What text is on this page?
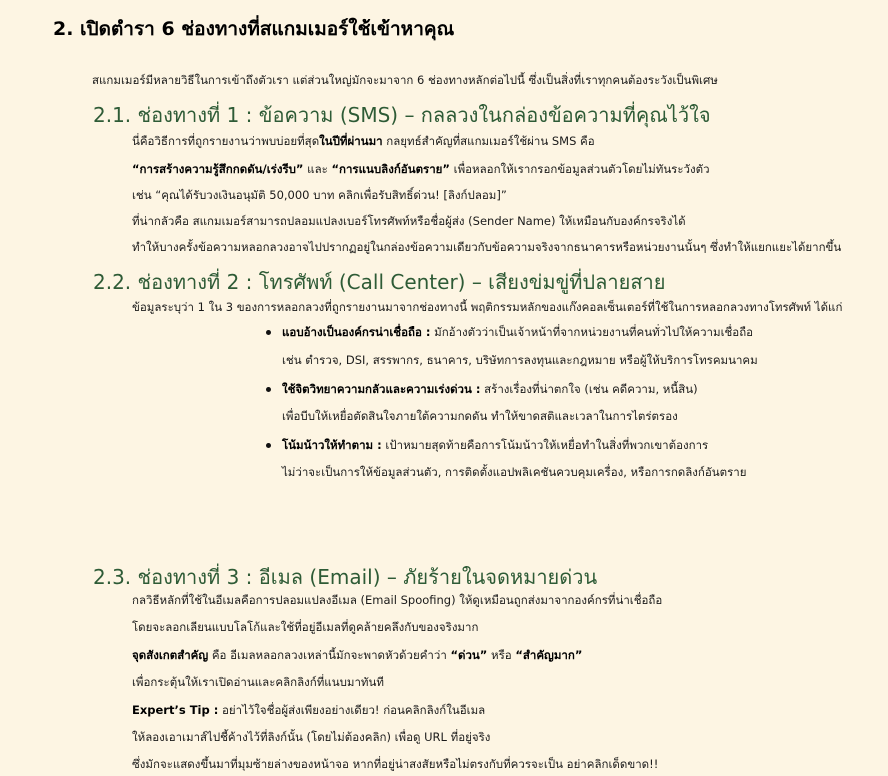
2. เปิดตำรา 6 ช่องทางที่สแกมเมอร์ใช้เข้าหาคุณ
สแกมเมอร์มีหลายวิธีในการเข้าถึงตัวเรา แต่ส่วนใหญ่มักจะมาจาก 6 ช่องทางหลักต่อไปนี้ ซึ่งเป็นสิ่งที่เราทุกคนต้องระวังเป็นพิเศษ
2.1. ช่องทางที่ 1 : ข้อความ (SMS) – กลลวงในกล่องข้อความที่คุณไว้ใจ
นี่คือวิธีการที่ถูกรายงานว่าพบบ่อยที่สุดในปีที่ผ่านมา กลยุทธ์สำคัญที่สแกมเมอร์ใช้ผ่าน SMS คือ
“การสร้างความรู้สึกกดดัน/เร่งรีบ” และ “การแนบลิงก์อันตราย” เพื่อหลอกให้เรากรอกข้อมูลส่วนตัวโดยไม่ทันระวังตัว
เช่น “คุณได้รับวงเงินอนุมัติ 50,000 บาท คลิกเพื่อรับสิทธิ์ด่วน! [ลิงก์ปลอม]”
ที่น่ากลัวคือ สแกมเมอร์สามารถปลอมแปลงเบอร์โทรศัพท์หรือชื่อผู้ส่ง (Sender Name) ให้เหมือนกับองค์กรจริงได้
ทำให้บางครั้งข้อความหลอกลวงอาจไปปรากฏอยู่ในกล่องข้อความเดียวกับข้อความจริงจากธนาคารหรือหน่วยงานนั้นๆ ซึ่งทำให้แยกแยะได้ยากขึ้น
2.2. ช่องทางที่ 2 : โทรศัพท์ (Call Center) – เสียงข่มขู่ที่ปลายสาย
ข้อมูลระบุว่า 1 ใน 3 ของการหลอกลวงที่ถูกรายงานมาจากช่องทางนี้ พฤติกรรมหลักของแก๊งคอลเซ็นเตอร์ที่ใช้ในการหลอกลวงทางโทรศัพท์ ได้แก่
แอบอ้างเป็นองค์กรน่าเชื่อถือ : มักอ้างตัวว่าเป็นเจ้าหน้าที่จากหน่วยงานที่คนทั่วไปให้ความเชื่อถือ
เช่น ตำรวจ, DSI, สรรพากร, ธนาคาร, บริษัทการลงทุนและกฎหมาย หรือผู้ให้บริการโทรคมนาคม
ใช้จิตวิทยาความกลัวและความเร่งด่วน : สร้างเรื่องที่น่าตกใจ (เช่น คดีความ, หนี้สิน)
เพื่อบีบให้เหยื่อตัดสินใจภายใต้ความกดดัน ทำให้ขาดสติและเวลาในการไตร่ตรอง
โน้มน้าวให้ทำตาม : เป้าหมายสุดท้ายคือการโน้มน้าวให้เหยื่อทำในสิ่งที่พวกเขาต้องการ
ไม่ว่าจะเป็นการให้ข้อมูลส่วนตัว, การติดตั้งแอปพลิเคชันควบคุมเครื่อง, หรือการกดลิงก์อันตราย
2.3. ช่องทางที่ 3 : อีเมล (Email) – ภัยร้ายในจดหมายด่วน
กลวิธีหลักที่ใช้ในอีเมลคือการปลอมแปลงอีเมล (Email Spoofing) ให้ดูเหมือนถูกส่งมาจากองค์กรที่น่าเชื่อถือ
โดยจะลอกเลียนแบบโลโก้และใช้ที่อยู่อีเมลที่ดูคล้ายคลึงกับของจริงมาก
จุดสังเกตสำคัญ คือ อีเมลหลอกลวงเหล่านี้มักจะพาดหัวด้วยคำว่า “ด่วน” หรือ “สำคัญมาก”
เพื่อกระตุ้นให้เราเปิดอ่านและคลิกลิงก์ที่แนบมาทันที
Expert’s Tip : อย่าไว้ใจชื่อผู้ส่งเพียงอย่างเดียว! ก่อนคลิกลิงก์ในอีเมล
ให้ลองเอาเมาส์ไปชี้ค้างไว้ที่ลิงก์นั้น (โดยไม่ต้องคลิก) เพื่อดู URL ที่อยู่จริง
ซึ่งมักจะแสดงขึ้นมาที่มุมซ้ายล่างของหน้าจอ หากที่อยู่น่าสงสัยหรือไม่ตรงกับที่ควรจะเป็น อย่าคลิกเด็ดขาด!!
